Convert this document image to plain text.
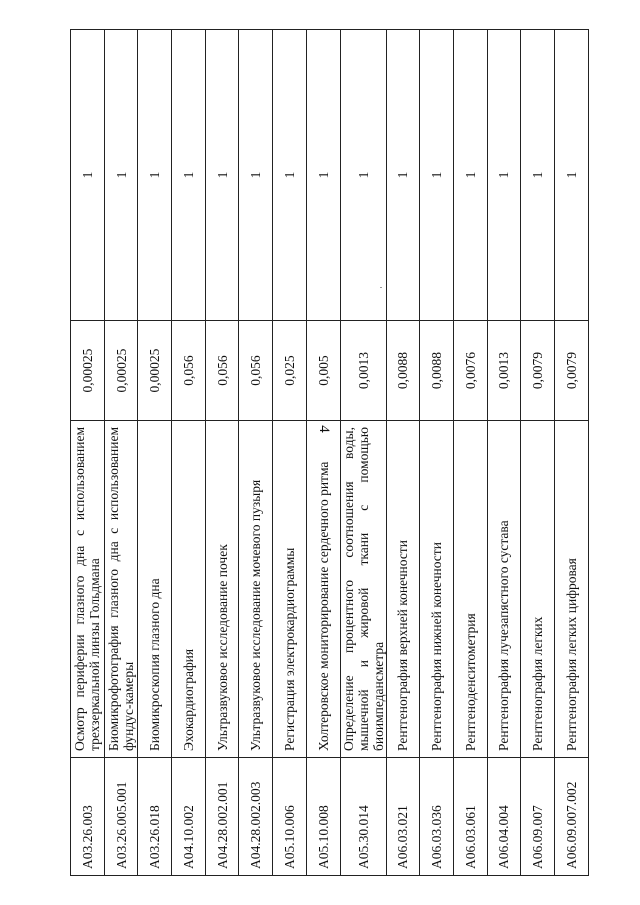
4
А03.26.003	Осмотр периферии глазного дна с использованием трехзеркальной линзы Гольдмана	0,00025	1
А03.26.005.001	Биомикрофотография глазного дна с использованием фундус-камеры	0,00025	1
А03.26.018	Биомикроскопия глазного дна	0,00025	1
А04.10.002	Эхокардиография	0,056	1
А04.28.002.001	Ультразвуковое исследование почек	0,056	1
А04.28.002.003	Ультразвуковое исследование мочевого пузыря	0,056	1
А05.10.006	Регистрация электрокардиограммы	0,025	1
А05.10.008	Холтеровское мониторирование сердечного ритма	0,005	1
А05.30.014	Определение процентного соотношения воды, мышечной и жировой ткани с помощью биоимпедансметра	0,0013	1
А06.03.021	Рентгенография верхней конечности	0,0088	1
А06.03.036	Рентгенография нижней конечности	0,0088	1
А06.03.061	Рентгеноденситометрия	0,0076	1
А06.04.004	Рентгенография лучезапястного сустава	0,0013	1
А06.09.007	Рентгенография легких	0,0079	1
А06.09.007.002	Рентгенография легких цифровая	0,0079	1
